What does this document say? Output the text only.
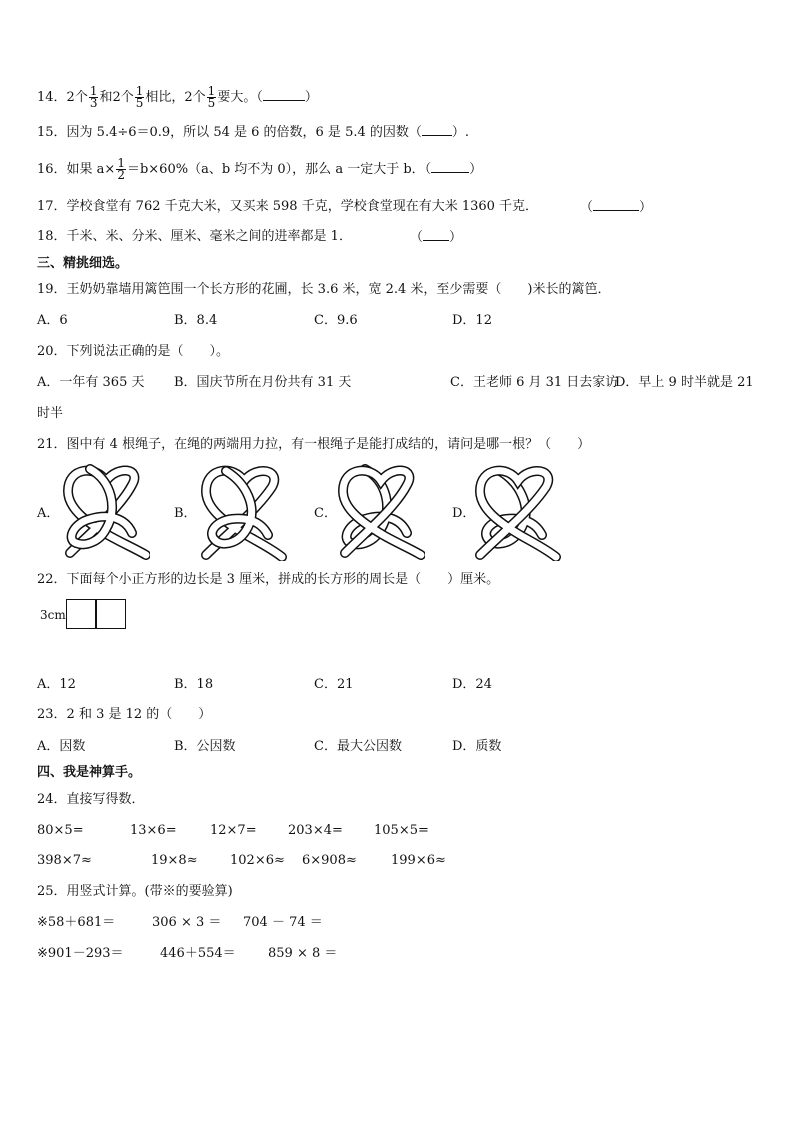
14．2个 $\frac{1}{3}$ 和2个 $\frac{1}{5}$ 相比，2个 $\frac{1}{5}$ 要大。（	）
15．因为 5.4÷6＝0.9，所以 54 是 6 的倍数，6 是 5.4 的因数（ ）.
16．如果 $a\times \frac{1}{2} =b\times 60\%(a$、b 均不为 0），那么 a 一定大于 b．（	）
17．学校食堂有 762 千克大米，又买来 598 千克，学校食堂现在有大米 1360 千克．	（	）
18．千米、米、分米、厘米、毫米之间的进率都是 1．	（ ）
三、精挑细选。
19．王奶奶靠墙用篱笆围一个长方形的花圃，长 3.6 米，宽 2.4 米，至少需要（　　)米长的篱笆．
A．6	B．8.4	C．9.6	D．12
20．下列说法正确的是（　　）。
A．一年有 365 天 B．国庆节所在月份共有 31 天	C．王老师 6 月 31 日去家访
D．早上 9 时半就是 21
时半
21．图中有 4 根绳子，在绳的两端用力拉，有一根绳子是能打成结的，请问是哪一根？（　　）
A．	B．	C．	D．
22．下面每个小正方形的边长是 3 厘米，拼成的长方形的周长是（　　）厘米。
3cm
A．12	B．18	C．21	D．24
23．2 和 3 是 12 的（　　）
A．因数	B．公因数	C．最大公因数	D．质数
四、我是神算手。
24．直接写得数．
80×5=	13×6=	12×7= 203×4= 105×5=
398×7≈	19×8≈ 102×6≈ 6×908≈	199×6≈
25．用竖式计算。(带※的要验算)
※58＋681＝	306 × 3 ＝ 704 － 74 ＝
※901－293＝	446＋554＝ 859 × 8 ＝
